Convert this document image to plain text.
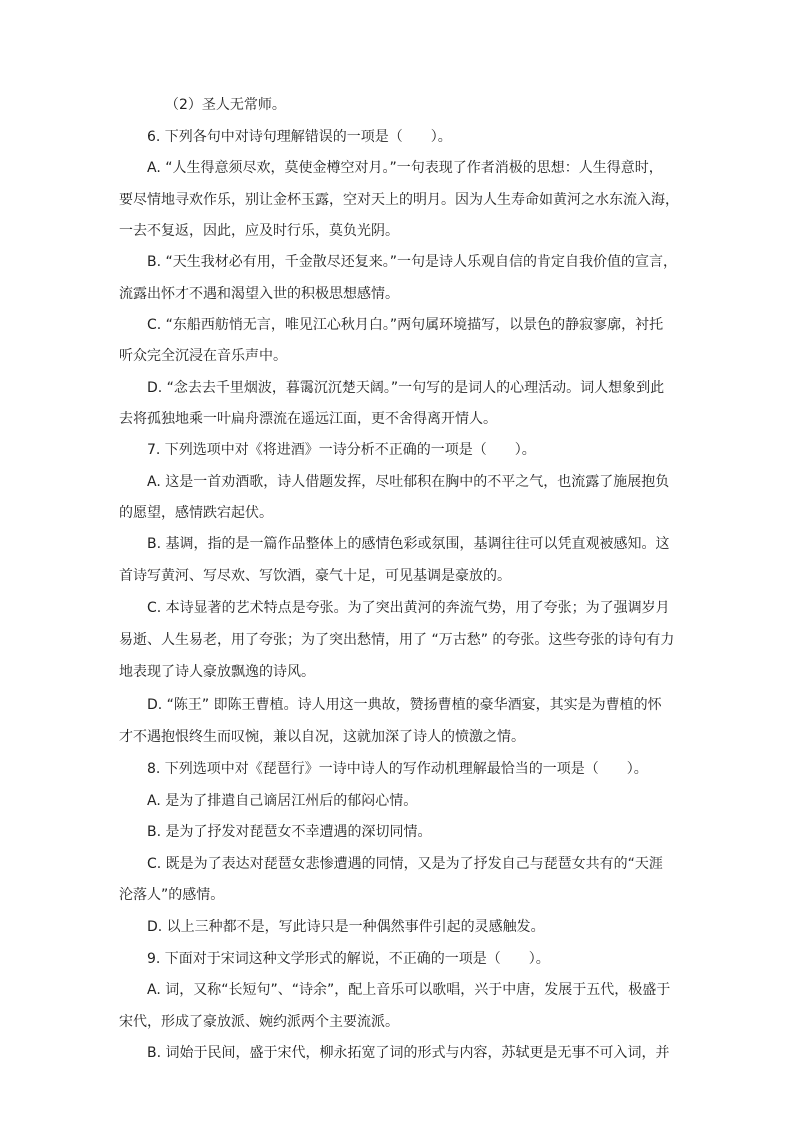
（2）圣人无常师。
6. 下列各句中对诗句理解错误的一项是（　　）。
A. “人生得意须尽欢，莫使金樽空对月。”一句表现了作者消极的思想：人生得意时，
要尽情地寻欢作乐，别让金杯玉露，空对天上的明月。因为人生寿命如黄河之水东流入海，
一去不复返，因此，应及时行乐，莫负光阴。
B. “天生我材必有用，千金散尽还复来。”一句是诗人乐观自信的肯定自我价值的宣言，
流露出怀才不遇和渴望入世的积极思想感情。
C. “东船西舫悄无言，唯见江心秋月白。”两句属环境描写，以景色的静寂寥廓，衬托
听众完全沉浸在音乐声中。
D. “念去去千里烟波，暮霭沉沉楚天阔。”一句写的是词人的心理活动。词人想象到此
去将孤独地乘一叶扁舟漂流在遥远江面，更不舍得离开情人。
7. 下列选项中对《将进酒》一诗分析不正确的一项是（　　）。
A. 这是一首劝酒歌，诗人借题发挥，尽吐郁积在胸中的不平之气，也流露了施展抱负
的愿望，感情跌宕起伏。
B. 基调，指的是一篇作品整体上的感情色彩或氛围，基调往往可以凭直观被感知。这
首诗写黄河、写尽欢、写饮酒，豪气十足，可见基调是豪放的。
C. 本诗显著的艺术特点是夸张。为了突出黄河的奔流气势，用了夸张；为了强调岁月
易逝、人生易老，用了夸张；为了突出愁情，用了 “万古愁” 的夸张。这些夸张的诗句有力
地表现了诗人豪放飘逸的诗风。
D. “陈王” 即陈王曹植。诗人用这一典故，赞扬曹植的豪华酒宴，其实是为曹植的怀
才不遇抱恨终生而叹惋，兼以自况，这就加深了诗人的愤激之情。
8. 下列选项中对《琵琶行》一诗中诗人的写作动机理解最恰当的一项是（　　）。
A. 是为了排遣自己谪居江州后的郁闷心情。
B. 是为了抒发对琵琶女不幸遭遇的深切同情。
C. 既是为了表达对琵琶女悲惨遭遇的同情，又是为了抒发自己与琵琶女共有的“天涯
沦落人”的感情。
D. 以上三种都不是，写此诗只是一种偶然事件引起的灵感触发。
9. 下面对于宋词这种文学形式的解说，不正确的一项是（　　）。
A. 词，又称“长短句”、“诗余”，配上音乐可以歌唱，兴于中唐，发展于五代，极盛于
宋代，形成了豪放派、婉约派两个主要流派。
B. 词始于民间，盛于宋代，柳永拓宽了词的形式与内容，苏轼更是无事不可入词，并
